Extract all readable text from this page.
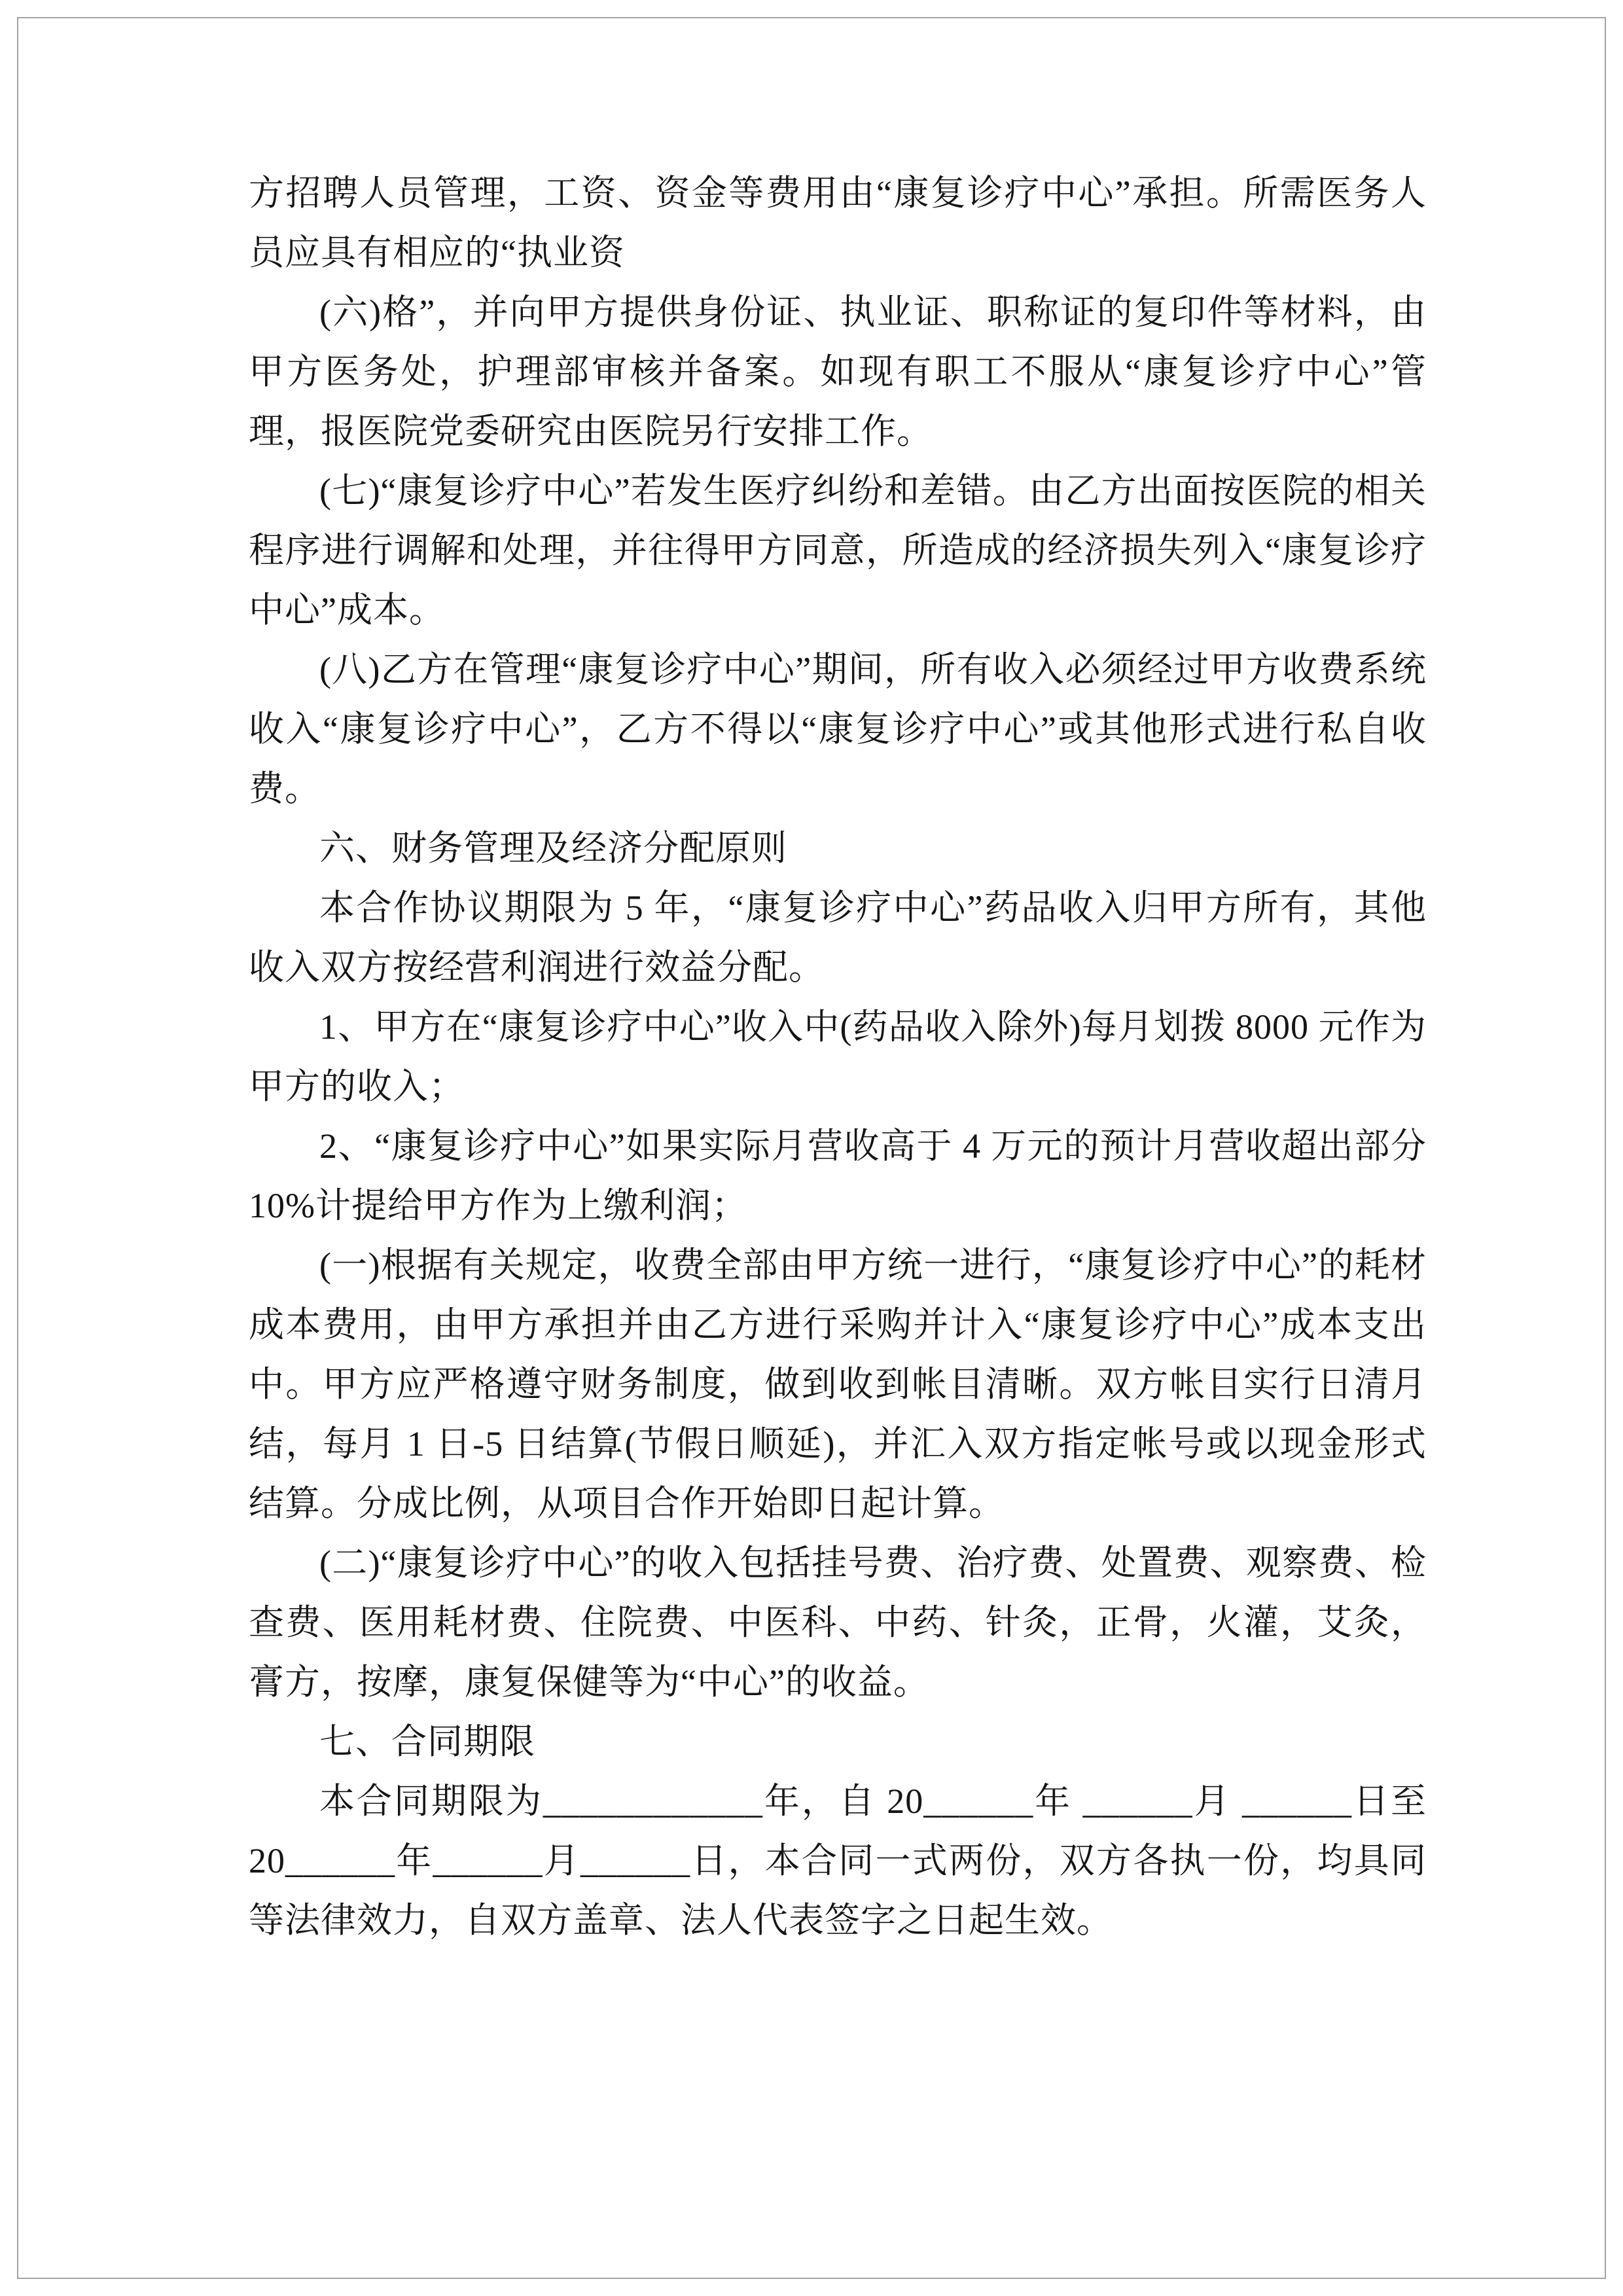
方招聘人员管理，工资、资金等费用由“康复诊疗中心”承担。所需医务人员应具有相应的“执业资

(六)格”，并向甲方提供身份证、执业证、职称证的复印件等材料，由甲方医务处，护理部审核并备案。如现有职工不服从“康复诊疗中心”管理，报医院党委研究由医院另行安排工作。

(七)“康复诊疗中心”若发生医疗纠纷和差错。由乙方出面按医院的相关程序进行调解和处理，并往得甲方同意，所造成的经济损失列入“康复诊疗中心”成本。

(八)乙方在管理“康复诊疗中心”期间，所有收入必须经过甲方收费系统收入“康复诊疗中心”，乙方不得以“康复诊疗中心”或其他形式进行私自收费。

六、财务管理及经济分配原则

本合作协议期限为 5 年，“康复诊疗中心”药品收入归甲方所有，其他收入双方按经营利润进行效益分配。

1、甲方在“康复诊疗中心”收入中(药品收入除外)每月划拨 8000 元作为甲方的收入；

2、“康复诊疗中心”如果实际月营收高于 4 万元的预计月营收超出部分 10%计提给甲方作为上缴利润；

(一)根据有关规定，收费全部由甲方统一进行，“康复诊疗中心”的耗材成本费用，由甲方承担并由乙方进行采购并计入“康复诊疗中心”成本支出中。甲方应严格遵守财务制度，做到收到帐目清晰。双方帐目实行日清月结，每月 1 日-5 日结算(节假日顺延)，并汇入双方指定帐号或以现金形式结算。分成比例，从项目合作开始即日起计算。

(二)“康复诊疗中心”的收入包括挂号费、治疗费、处置费、观察费、检查费、医用耗材费、住院费、中医科、中药、针灸，正骨，火灌，艾灸，膏方，按摩，康复保健等为“中心”的收益。

七、合同期限

本合同期限为____________年，自 20______年 ______月 ______日至 20______年______月______日，本合同一式两份，双方各执一份，均具同等法律效力，自双方盖章、法人代表签字之日起生效。
